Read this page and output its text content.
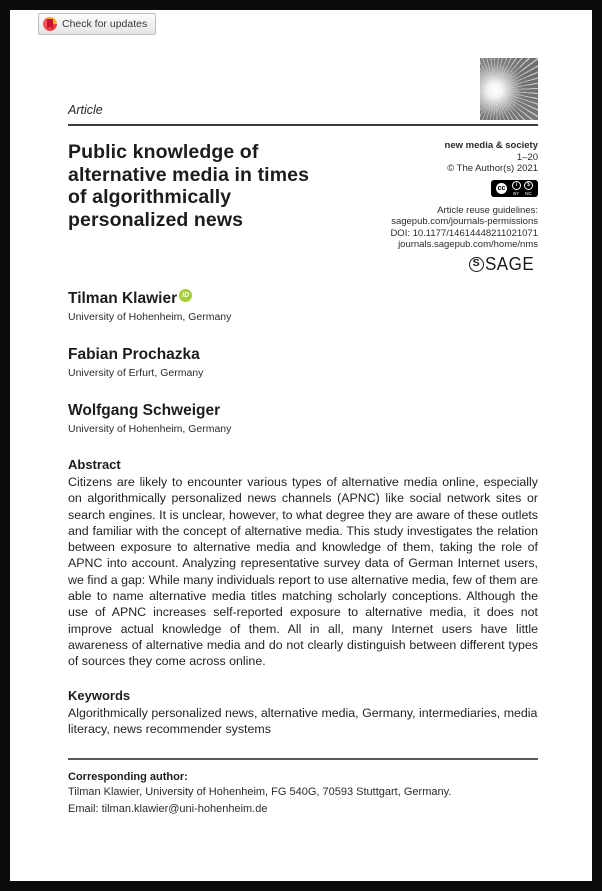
Check for updates
Article
Public knowledge of
alternative media in times
of algorithmically
personalized news
new media & society
1–20
© The Author(s) 2021
cc	i	$
BY NC
Article reuse guidelines:
sagepub.com/journals-permissions
DOI: 10.1177/14614448211021071
journals.sagepub.com/home/nms
S SAGE
Tilman Klawier iD
University of Hohenheim, Germany
Fabian Prochazka
University of Erfurt, Germany
Wolfgang Schweiger
University of Hohenheim, Germany
Abstract
Citizens are likely to encounter various types of alternative media online, especially on algorithmically personalized news channels (APNC) like social network sites or search engines. It is unclear, however, to what degree they are aware of these outlets and familiar with the concept of alternative media. This study investigates the relation between exposure to alternative media and knowledge of them, taking the role of APNC into account. Analyzing representative survey data of German Internet users, we find a gap: While many individuals report to use alternative media, few of them are able to name alternative media titles matching scholarly conceptions. Although the use of APNC increases self-reported exposure to alternative media, it does not improve actual knowledge of them. All in all, many Internet users have little awareness of alternative media and do not clearly distinguish between different types of sources they come across online.
Keywords
Algorithmically personalized news, alternative media, Germany, intermediaries, media literacy, news recommender systems
Corresponding author:
Tilman Klawier, University of Hohenheim, FG 540G, 70593 Stuttgart, Germany.
Email: tilman.klawier@uni-hohenheim.de
